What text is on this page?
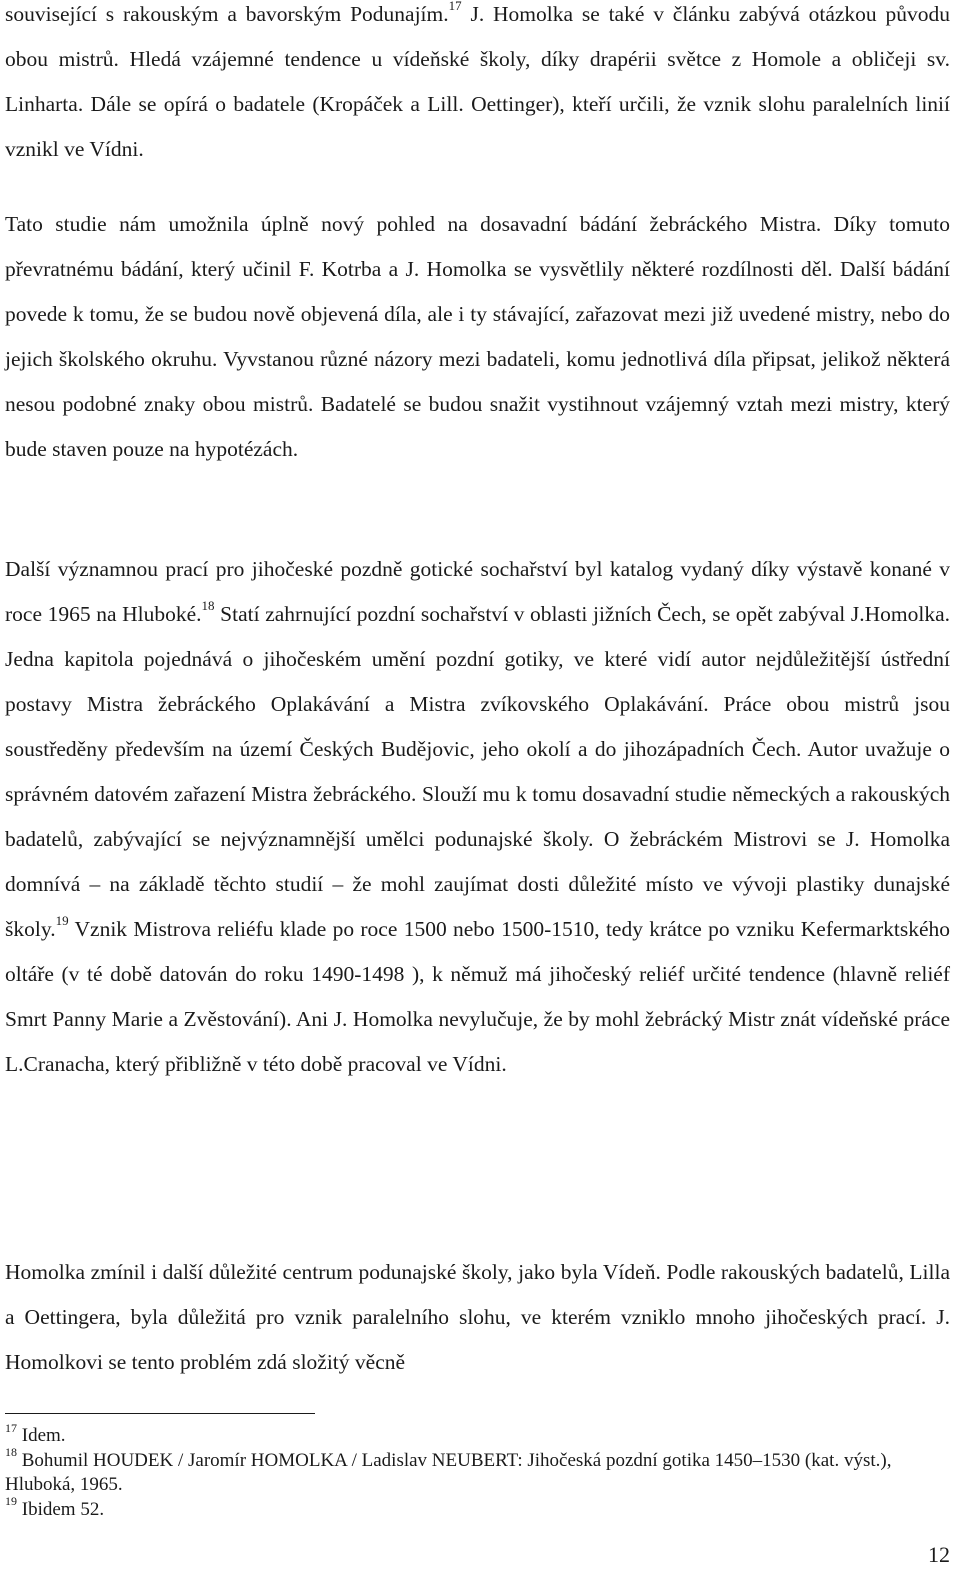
související s rakouským a bavorským Podunajím.$^{17}$ J. Homolka se také v článku zabývá otázkou původu obou mistrů. Hledá vzájemné tendence u vídeňské školy, díky drapérii světce z Homole a obličeji sv. Linharta. Dále se opírá o badatele (Kropáček a Lill. Oettinger), kteří určili, že vznik slohu paralelních linií vznikl ve Vídni.

Tato studie nám umožnila úplně nový pohled na dosavadní bádání žebráckého Mistra. Díky tomuto převratnému bádání, který učinil F. Kotrba a J. Homolka se vysvětlily některé rozdílnosti děl. Další bádání povede k tomu, že se budou nově objevená díla, ale i ty stávající, zařazovat mezi již uvedené mistry, nebo do jejich školského okruhu. Vyvstanou různé názory mezi badateli, komu jednotlivá díla připsat, jelikož některá nesou podobné znaky obou mistrů. Badatelé se budou snažit vystihnout vzájemný vztah mezi mistry, který bude staven pouze na hypotézách.

Další významnou prací pro jihočeské pozdně gotické sochařství byl katalog vydaný díky výstavě konané v roce 1965 na Hluboké.$^{18}$ Statí zahrnující pozdní sochařství v oblasti jižních Čech, se opět zabýval J.Homolka. Jedna kapitola pojednává o jihočeském umění pozdní gotiky, ve které vidí autor nejdůležitější ústřední postavy Mistra žebráckého Oplakávání a Mistra zvíkovského Oplakávání. Práce obou mistrů jsou soustředěny především na území Českých Budějovic, jeho okolí a do jihozápadních Čech. Autor uvažuje o správném datovém zařazení Mistra žebráckého. Slouží mu k tomu dosavadní studie německých a rakouských badatelů, zabývající se nejvýznamnější umělci podunajské školy. O žebráckém Mistrovi se J. Homolka domnívá – na základě těchto studií – že mohl zaujímat dosti důležité místo ve vývoji plastiky dunajské školy.$^{19}$ Vznik Mistrova reliéfu klade po roce 1500 nebo 1500-1510, tedy krátce po vzniku Kefermarktského oltáře (v té době datován do roku 1490-1498 ), k němuž má jihočeský reliéf určité tendence (hlavně reliéf Smrt Panny Marie a Zvěstování). Ani J. Homolka nevylučuje, že by mohl žebrácký Mistr znát vídeňské práce L.Cranacha, který přibližně v této době pracoval ve Vídni.

Homolka zmínil i další důležité centrum podunajské školy, jako byla Vídeň. Podle rakouských badatelů, Lilla a Oettingera, byla důležitá pro vznik paralelního slohu, ve kterém vzniklo mnoho jihočeských prací. J. Homolkovi se tento problém zdá složitý věcně

$^{17}$ Idem.

$^{18}$ Bohumil HOUDEK / Jaromír HOMOLKA / Ladislav NEUBERT: Jihočeská pozdní gotika 1450–1530 (kat. výst.), Hluboká, 1965.

$^{19}$ Ibidem 52.

12
